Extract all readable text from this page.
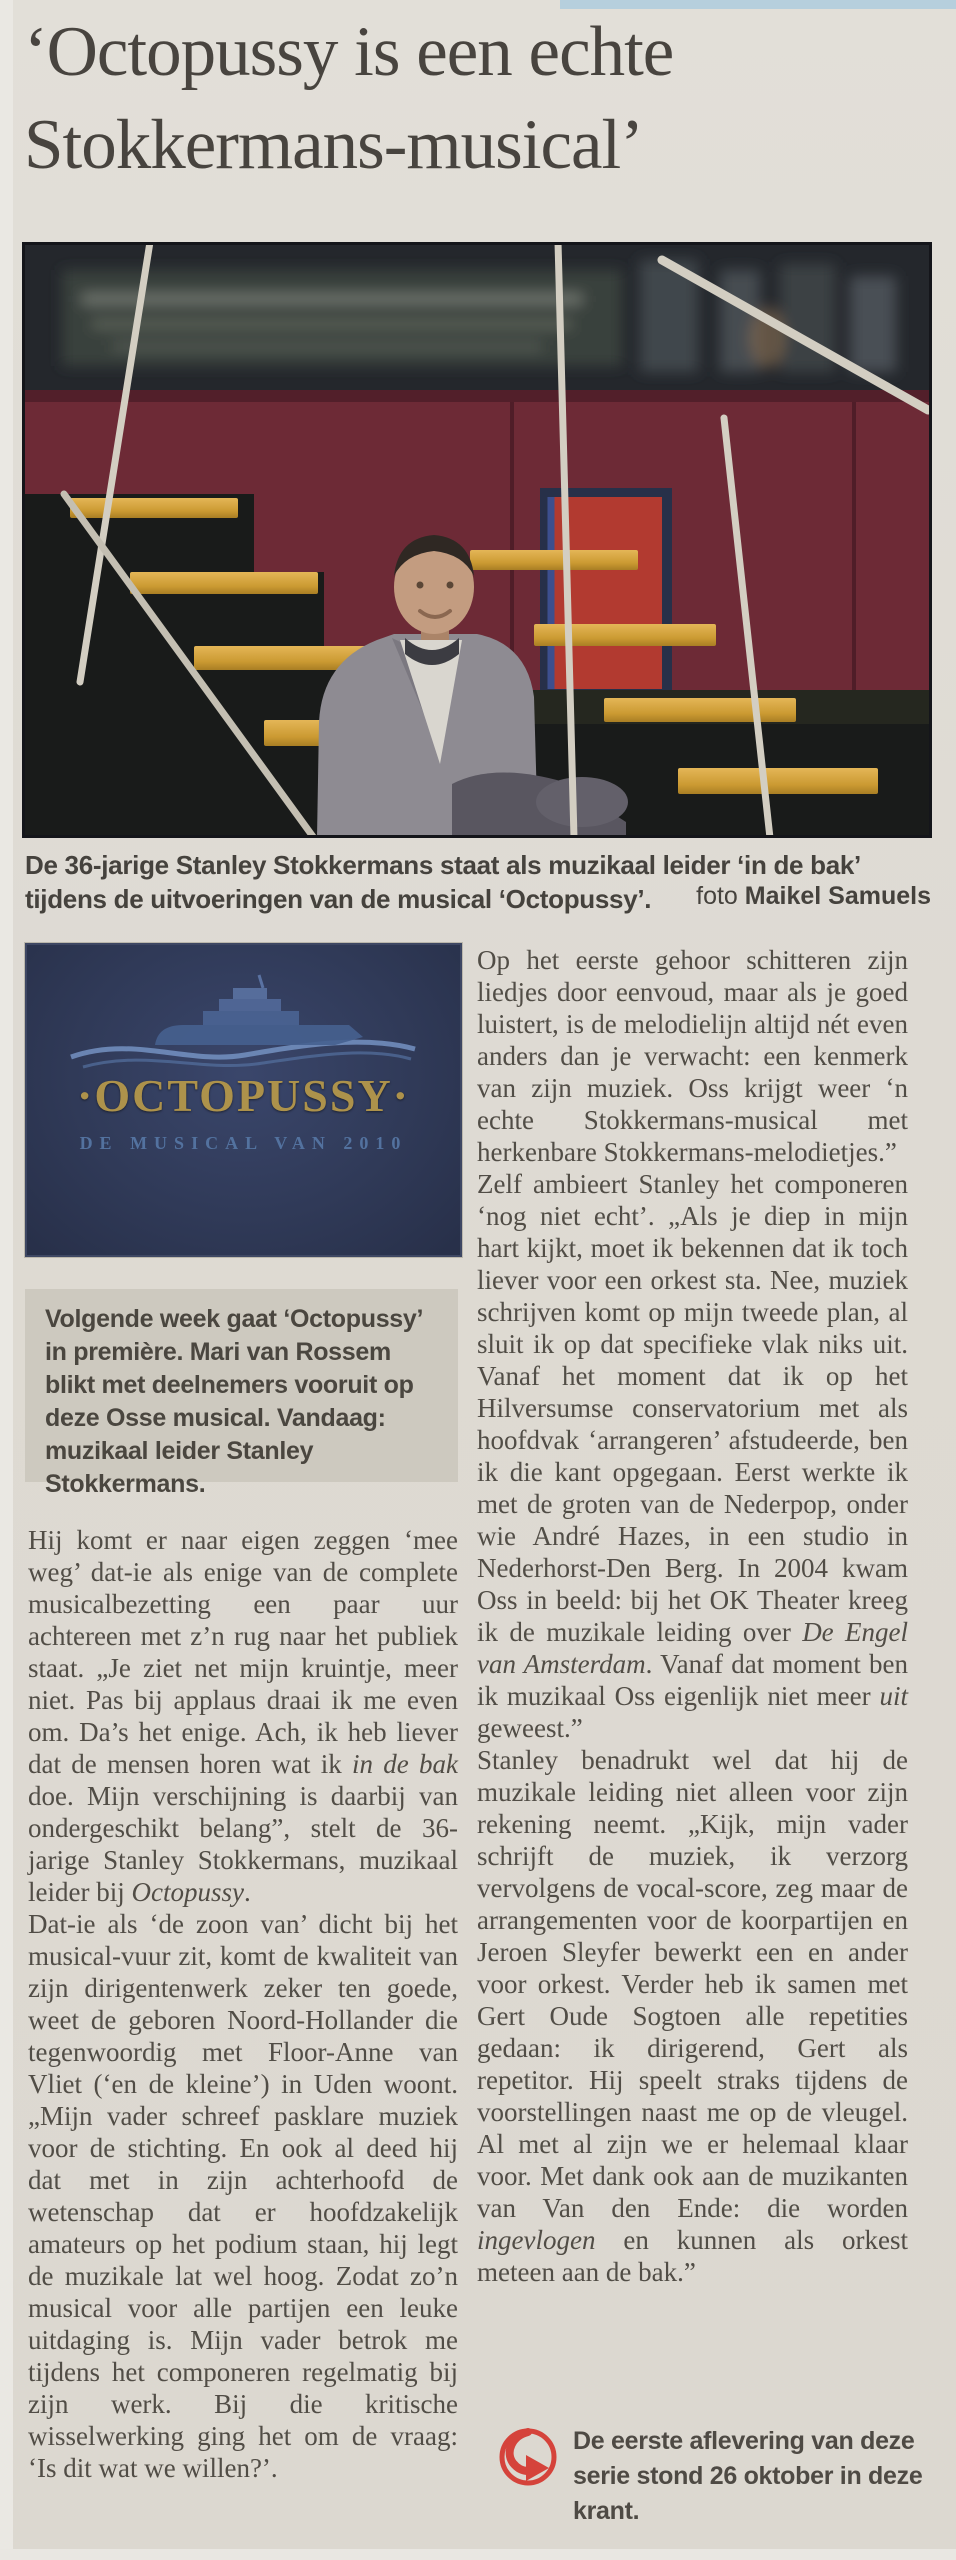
‘Octopussy is een echte
Stokkermans-musical’
De 36-jarige Stanley Stokkermans staat als muzikaal leider ‘in de bak’ tijdens de uitvoeringen van de musical ‘Octopussy’.	foto Maikel Samuels
·OCTOPUSSY·
DE MUSICAL VAN 2010
Volgende week gaat ‘Octopussy’ in première. Mari van Rossem blikt met deelnemers vooruit op deze Osse musical. Vandaag: muzikaal leider Stanley Stokkermans.

Hij komt er naar eigen zeggen ‘mee weg’ dat-ie als enige van de complete musicalbezetting een paar uur achtereen met z’n rug naar het publiek staat. „Je ziet net mijn kruintje, meer niet. Pas bij applaus draai ik me even om. Da’s het enige. Ach, ik heb liever dat de mensen horen wat ik in de bak doe. Mijn verschijning is daarbij van ondergeschikt belang”, stelt de 36-jarige Stanley Stokkermans, muzikaal leider bij Octopussy.

Dat-ie als ‘de zoon van’ dicht bij het musical-vuur zit, komt de kwaliteit van zijn dirigentenwerk zeker ten goede, weet de geboren Noord-Hollander die tegenwoordig met Floor-Anne van Vliet (‘en de kleine’) in Uden woont. „Mijn vader schreef pasklare muziek voor de stichting. En ook al deed hij dat met in zijn achterhoofd de wetenschap dat er hoofdzakelijk amateurs op het podium staan, hij legt de muzikale lat wel hoog. Zodat zo’n musical voor alle partijen een leuke uitdaging is. Mijn vader betrok me tijdens het componeren regelmatig bij zijn werk. Bij die kritische wisselwerking ging het om de vraag: ‘Is dit wat we willen?’.

Op het eerste gehoor schitteren zijn liedjes door eenvoud, maar als je goed luistert, is de melodielijn altijd nét even anders dan je verwacht: een kenmerk van zijn muziek. Oss krijgt weer ‘n echte Stokkermans-musical met herkenbare Stokkermans-melodietjes.”

Zelf ambieert Stanley het componeren ‘nog niet echt’. „Als je diep in mijn hart kijkt, moet ik bekennen dat ik toch liever voor een orkest sta. Nee, muziek schrijven komt op mijn tweede plan, al sluit ik op dat specifieke vlak niks uit. Vanaf het moment dat ik op het Hilversumse conservatorium met als hoofdvak ‘arrangeren’ afstudeerde, ben ik die kant opgegaan. Eerst werkte ik met de groten van de Nederpop, onder wie André Hazes, in een studio in Nederhorst-Den Berg. In 2004 kwam Oss in beeld: bij het OK Theater kreeg ik de muzikale leiding over De Engel van Amsterdam. Vanaf dat moment ben ik muzikaal Oss eigenlijk niet meer uit geweest.”

Stanley benadrukt wel dat hij de muzikale leiding niet alleen voor zijn rekening neemt. „Kijk, mijn vader schrijft de muziek, ik verzorg vervolgens de vocal-score, zeg maar de arrangementen voor de koorpartijen en Jeroen Sleyfer bewerkt een en ander voor orkest. Verder heb ik samen met Gert Oude Sogtoen alle repetities gedaan: ik dirigerend, Gert als repetitor. Hij speelt straks tijdens de voorstellingen naast me op de vleugel. Al met al zijn we er helemaal klaar voor. Met dank ook aan de muzikanten van Van den Ende: die worden ingevlogen en kunnen als orkest meteen aan de bak.”

De eerste aflevering van deze serie stond 26 oktober in deze krant.
